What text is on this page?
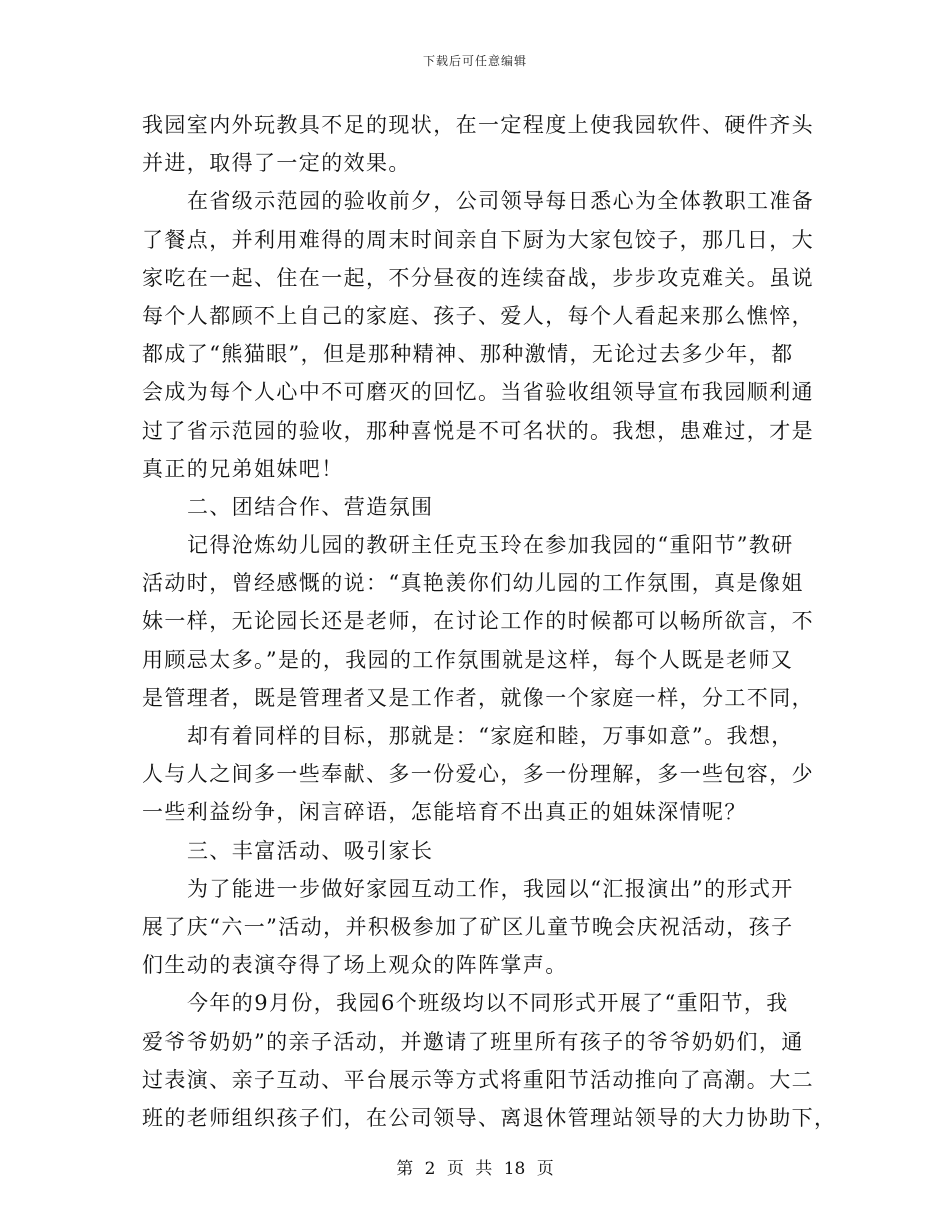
下载后可任意编辑
我园室内外玩教具不足的现状，在一定程度上使我园软件、硬件齐头
并进，取得了一定的效果。
在省级示范园的验收前夕，公司领导每日悉心为全体教职工准备
了餐点，并利用难得的周末时间亲自下厨为大家包饺子，那几日，大
家吃在一起、住在一起，不分昼夜的连续奋战，步步攻克难关。虽说
每个人都顾不上自己的家庭、孩子、爱人，每个人看起来那么憔悴，
都成了“熊猫眼”，但是那种精神、那种激情，无论过去多少年，都
会成为每个人心中不可磨灭的回忆。当省验收组领导宣布我园顺利通
过了省示范园的验收，那种喜悦是不可名状的。我想，患难过，才是
真正的兄弟姐妹吧！
二、团结合作、营造氛围
记得沧炼幼儿园的教研主任克玉玲在参加我园的“重阳节”教研
活动时，曾经感慨的说：“真艳羡你们幼儿园的工作氛围，真是像姐
妹一样，无论园长还是老师，在讨论工作的时候都可以畅所欲言，不
用顾忌太多。”是的，我园的工作氛围就是这样，每个人既是老师又
是管理者，既是管理者又是工作者，就像一个家庭一样，分工不同，
却有着同样的目标，那就是：“家庭和睦，万事如意”。我想，
人与人之间多一些奉献、多一份爱心，多一份理解，多一些包容，少
一些利益纷争，闲言碎语，怎能培育不出真正的姐妹深情呢？
三、丰富活动、吸引家长
为了能进一步做好家园互动工作，我园以“汇报演出”的形式开
展了庆“六一”活动，并积极参加了矿区儿童节晚会庆祝活动，孩子
们生动的表演夺得了场上观众的阵阵掌声。
今年的9月份，我园6个班级均以不同形式开展了“重阳节，我
爱爷爷奶奶”的亲子活动，并邀请了班里所有孩子的爷爷奶奶们，通
过表演、亲子互动、平台展示等方式将重阳节活动推向了高潮。大二
班的老师组织孩子们，在公司领导、离退休管理站领导的大力协助下，
第 2 页 共 18 页
